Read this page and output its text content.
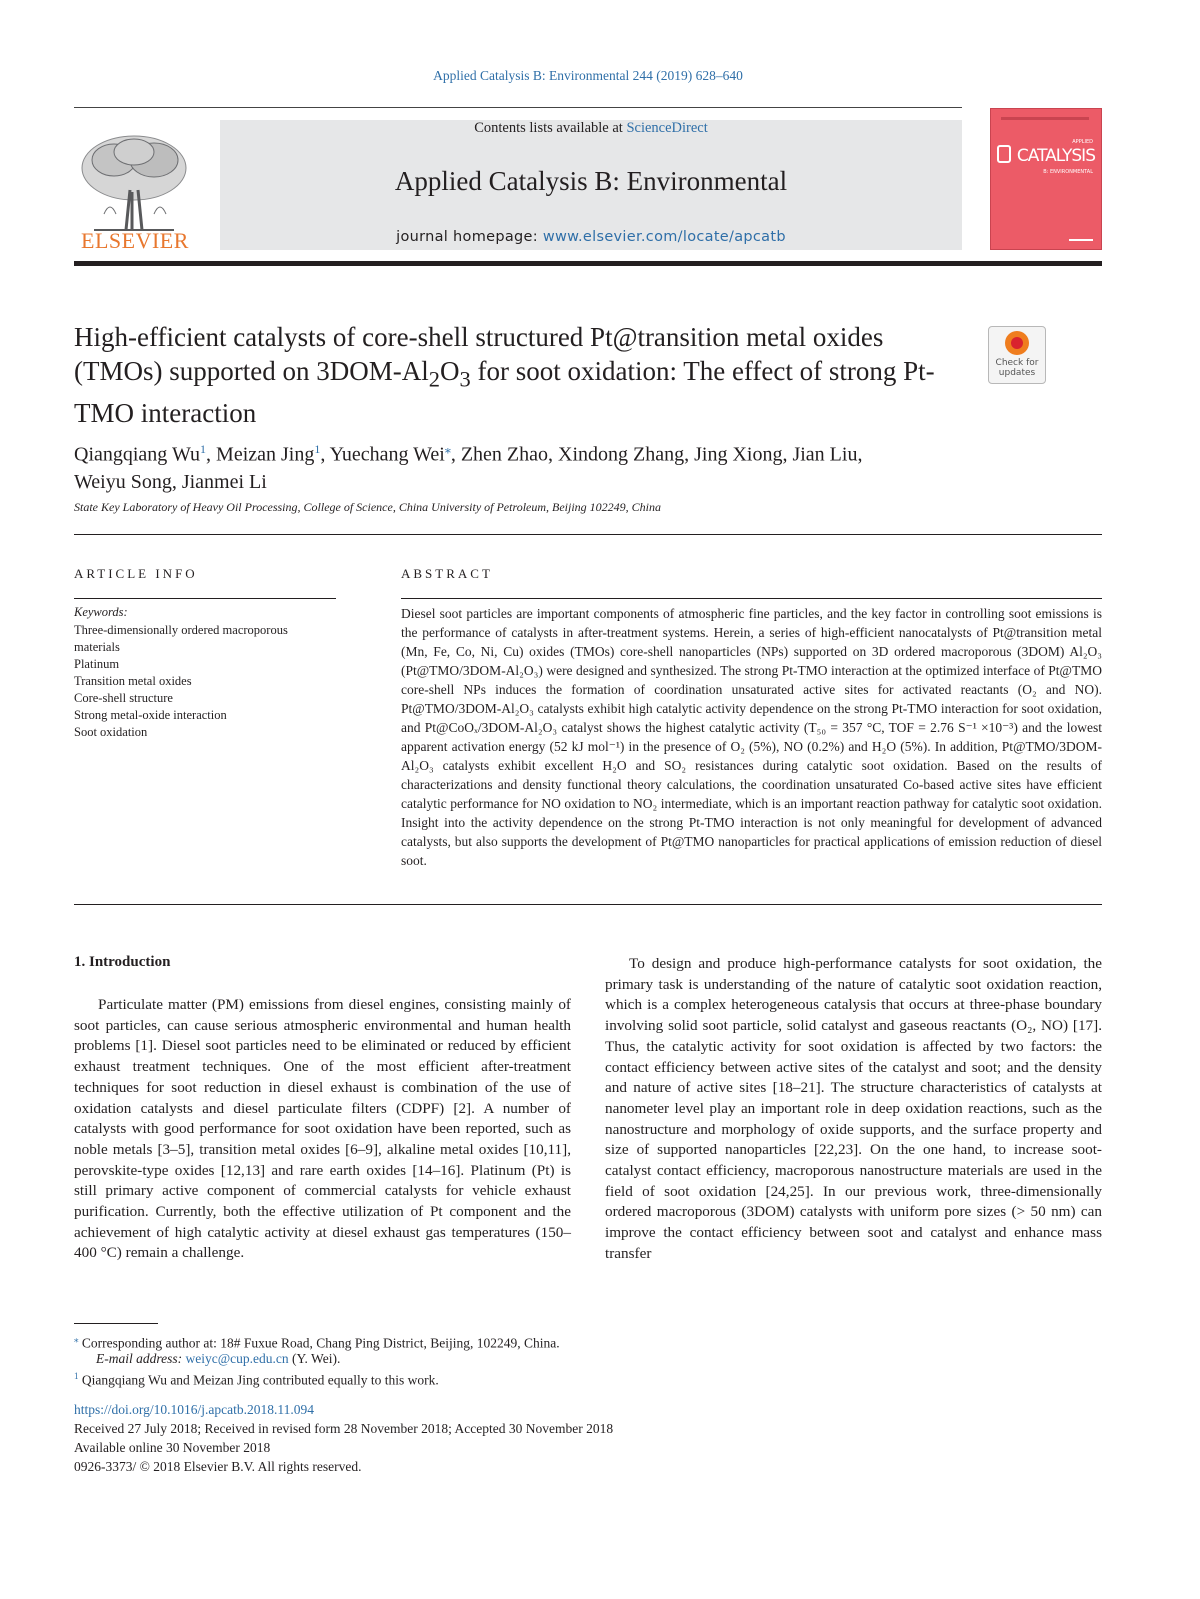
Applied Catalysis B: Environmental 244 (2019) 628–640
ELSEVIER
Contents lists available at ScienceDirect
Applied Catalysis B: Environmental
journal homepage: www.elsevier.com/locate/apcatb
APPLIED
CATALYSIS
B: ENVIRONMENTAL
High-efficient catalysts of core-shell structured Pt@transition metal oxides (TMOs) supported on $3DOM-Al_2O_3$ for soot oxidation: The effect of strong Pt-TMO interaction
Check for
updates
Qiangqiang Wu$^1$, Meizan Jing$^1$, Yuechang Wei⁎, Zhen Zhao, Xindong Zhang, Jing Xiong, Jian Liu,
Weiyu Song, Jianmei Li
State Key Laboratory of Heavy Oil Processing, College of Science, China University of Petroleum, Beijing 102249, China
ARTICLE INFO
Keywords:
Three-dimensionally ordered macroporous
materials
Platinum
Transition metal oxides
Core-shell structure
Strong metal-oxide interaction
Soot oxidation
ABSTRACT

Diesel soot particles are important components of atmospheric fine particles, and the key factor in controlling soot emissions is the performance of catalysts in after-treatment systems. Herein, a series of high-efficient nanocatalysts of Pt@transition metal (Mn, Fe, Co, Ni, Cu) oxides (TMOs) core-shell nanoparticles (NPs) supported on 3D ordered macroporous (3DOM) Al₂O₃ (Pt@TMO/3DOM-Al₂O₃) were designed and synthesized. The strong Pt-TMO interaction at the optimized interface of Pt@TMO core-shell NPs induces the formation of coordination unsaturated active sites for activated reactants (O₂ and NO). Pt@TMO/3DOM-Al₂O₃ catalysts exhibit high catalytic activity dependence on the strong Pt-TMO interaction for soot oxidation, and Pt@CoOₓ/3DOM-Al₂O₃ catalyst shows the highest catalytic activity (T₅₀ = 357 °C, TOF = 2.76 S⁻¹ ×10⁻³) and the lowest apparent activation energy (52 kJ mol⁻¹) in the presence of O₂ (5%), NO (0.2%) and H₂O (5%). In addition, Pt@TMO/3DOM-Al₂O₃ catalysts exhibit excellent H₂O and SO₂ resistances during catalytic soot oxidation. Based on the results of characterizations and density functional theory calculations, the coordination unsaturated Co-based active sites have efficient catalytic performance for NO oxidation to NO₂ intermediate, which is an important reaction pathway for catalytic soot oxidation. Insight into the activity dependence on the strong Pt-TMO interaction is not only meaningful for development of advanced catalysts, but also supports the development of Pt@TMO nanoparticles for practical applications of emission reduction of diesel soot.

1. Introduction

Particulate matter (PM) emissions from diesel engines, consisting mainly of soot particles, can cause serious atmospheric environmental and human health problems [1]. Diesel soot particles need to be eliminated or reduced by efficient exhaust treatment techniques. One of the most efficient after-treatment techniques for soot reduction in diesel exhaust is combination of the use of oxidation catalysts and diesel particulate filters (CDPF) [2]. A number of catalysts with good performance for soot oxidation have been reported, such as noble metals [3–5], transition metal oxides [6–9], alkaline metal oxides [10,11], perovskite-type oxides [12,13] and rare earth oxides [14–16]. Platinum (Pt) is still primary active component of commercial catalysts for vehicle exhaust purification. Currently, both the effective utilization of Pt component and the achievement of high catalytic activity at diesel exhaust gas temperatures (150–400 °C) remain a challenge.

To design and produce high-performance catalysts for soot oxidation, the primary task is understanding of the nature of catalytic soot oxidation reaction, which is a complex heterogeneous catalysis that occurs at three-phase boundary involving solid soot particle, solid catalyst and gaseous reactants (O₂, NO) [17]. Thus, the catalytic activity for soot oxidation is affected by two factors: the contact efficiency between active sites of the catalyst and soot; and the density and nature of active sites [18–21]. The structure characteristics of catalysts at nanometer level play an important role in deep oxidation reactions, such as the nanostructure and morphology of oxide supports, and the surface property and size of supported nanoparticles [22,23]. On the one hand, to increase soot-catalyst contact efficiency, macroporous nanostructure materials are used in the field of soot oxidation [24,25]. In our previous work, three-dimensionally ordered macroporous (3DOM) catalysts with uniform pore sizes (> 50 nm) can improve the contact efficiency between soot and catalyst and enhance mass transfer

⁎ Corresponding author at: 18# Fuxue Road, Chang Ping District, Beijing, 102249, China.
E-mail address: weiyc@cup.edu.cn (Y. Wei).
$^1$ Qiangqiang Wu and Meizan Jing contributed equally to this work.
https://doi.org/10.1016/j.apcatb.2018.11.094
Received 27 July 2018; Received in revised form 28 November 2018; Accepted 30 November 2018
Available online 30 November 2018
0926-3373/ © 2018 Elsevier B.V. All rights reserved.
